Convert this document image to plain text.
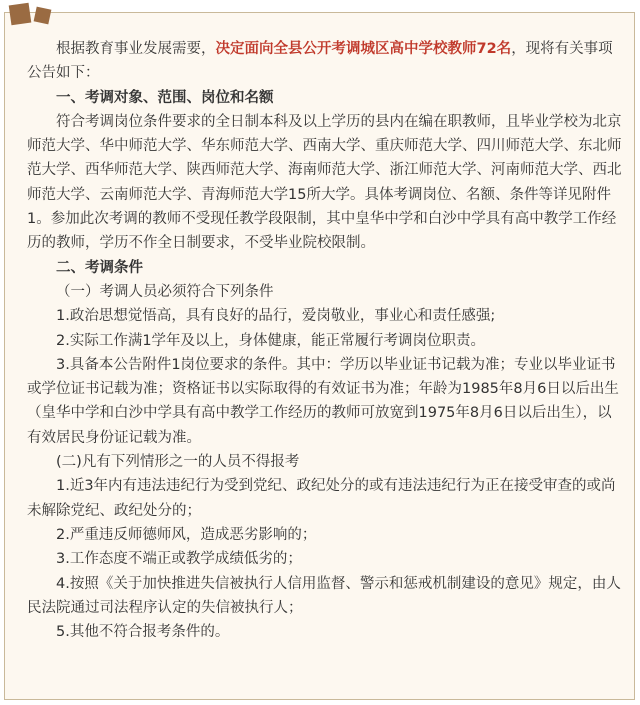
根据教育事业发展需要，决定面向全县公开考调城区高中学校教师72名，现将有关事项公告如下：

一、考调对象、范围、岗位和名额

符合考调岗位条件要求的全日制本科及以上学历的县内在编在职教师，且毕业学校为北京师范大学、华中师范大学、华东师范大学、西南大学、重庆师范大学、四川师范大学、东北师范大学、西华师范大学、陕西师范大学、海南师范大学、浙江师范大学、河南师范大学、西北师范大学、云南师范大学、青海师范大学15所大学。具体考调岗位、名额、条件等详见附件1。参加此次考调的教师不受现任教学段限制，其中皇华中学和白沙中学具有高中教学工作经历的教师，学历不作全日制要求，不受毕业院校限制。

二、考调条件

（一）考调人员必须符合下列条件

1.政治思想觉悟高，具有良好的品行，爱岗敬业，事业心和责任感强;

2.实际工作满1学年及以上，身体健康，能正常履行考调岗位职责。

3.具备本公告附件1岗位要求的条件。其中：学历以毕业证书记载为准；专业以毕业证书或学位证书记载为准；资格证书以实际取得的有效证书为准；年龄为1985年8月6日以后出生（皇华中学和白沙中学具有高中教学工作经历的教师可放宽到1975年8月6日以后出生），以有效居民身份证记载为准。

(二)凡有下列情形之一的人员不得报考

1.近3年内有违法违纪行为受到党纪、政纪处分的或有违法违纪行为正在接受审查的或尚未解除党纪、政纪处分的；

2.严重违反师德师风，造成恶劣影响的；

3.工作态度不端正或教学成绩低劣的；

4.按照《关于加快推进失信被执行人信用监督、警示和惩戒机制建设的意见》规定，由人民法院通过司法程序认定的失信被执行人；

5.其他不符合报考条件的。
